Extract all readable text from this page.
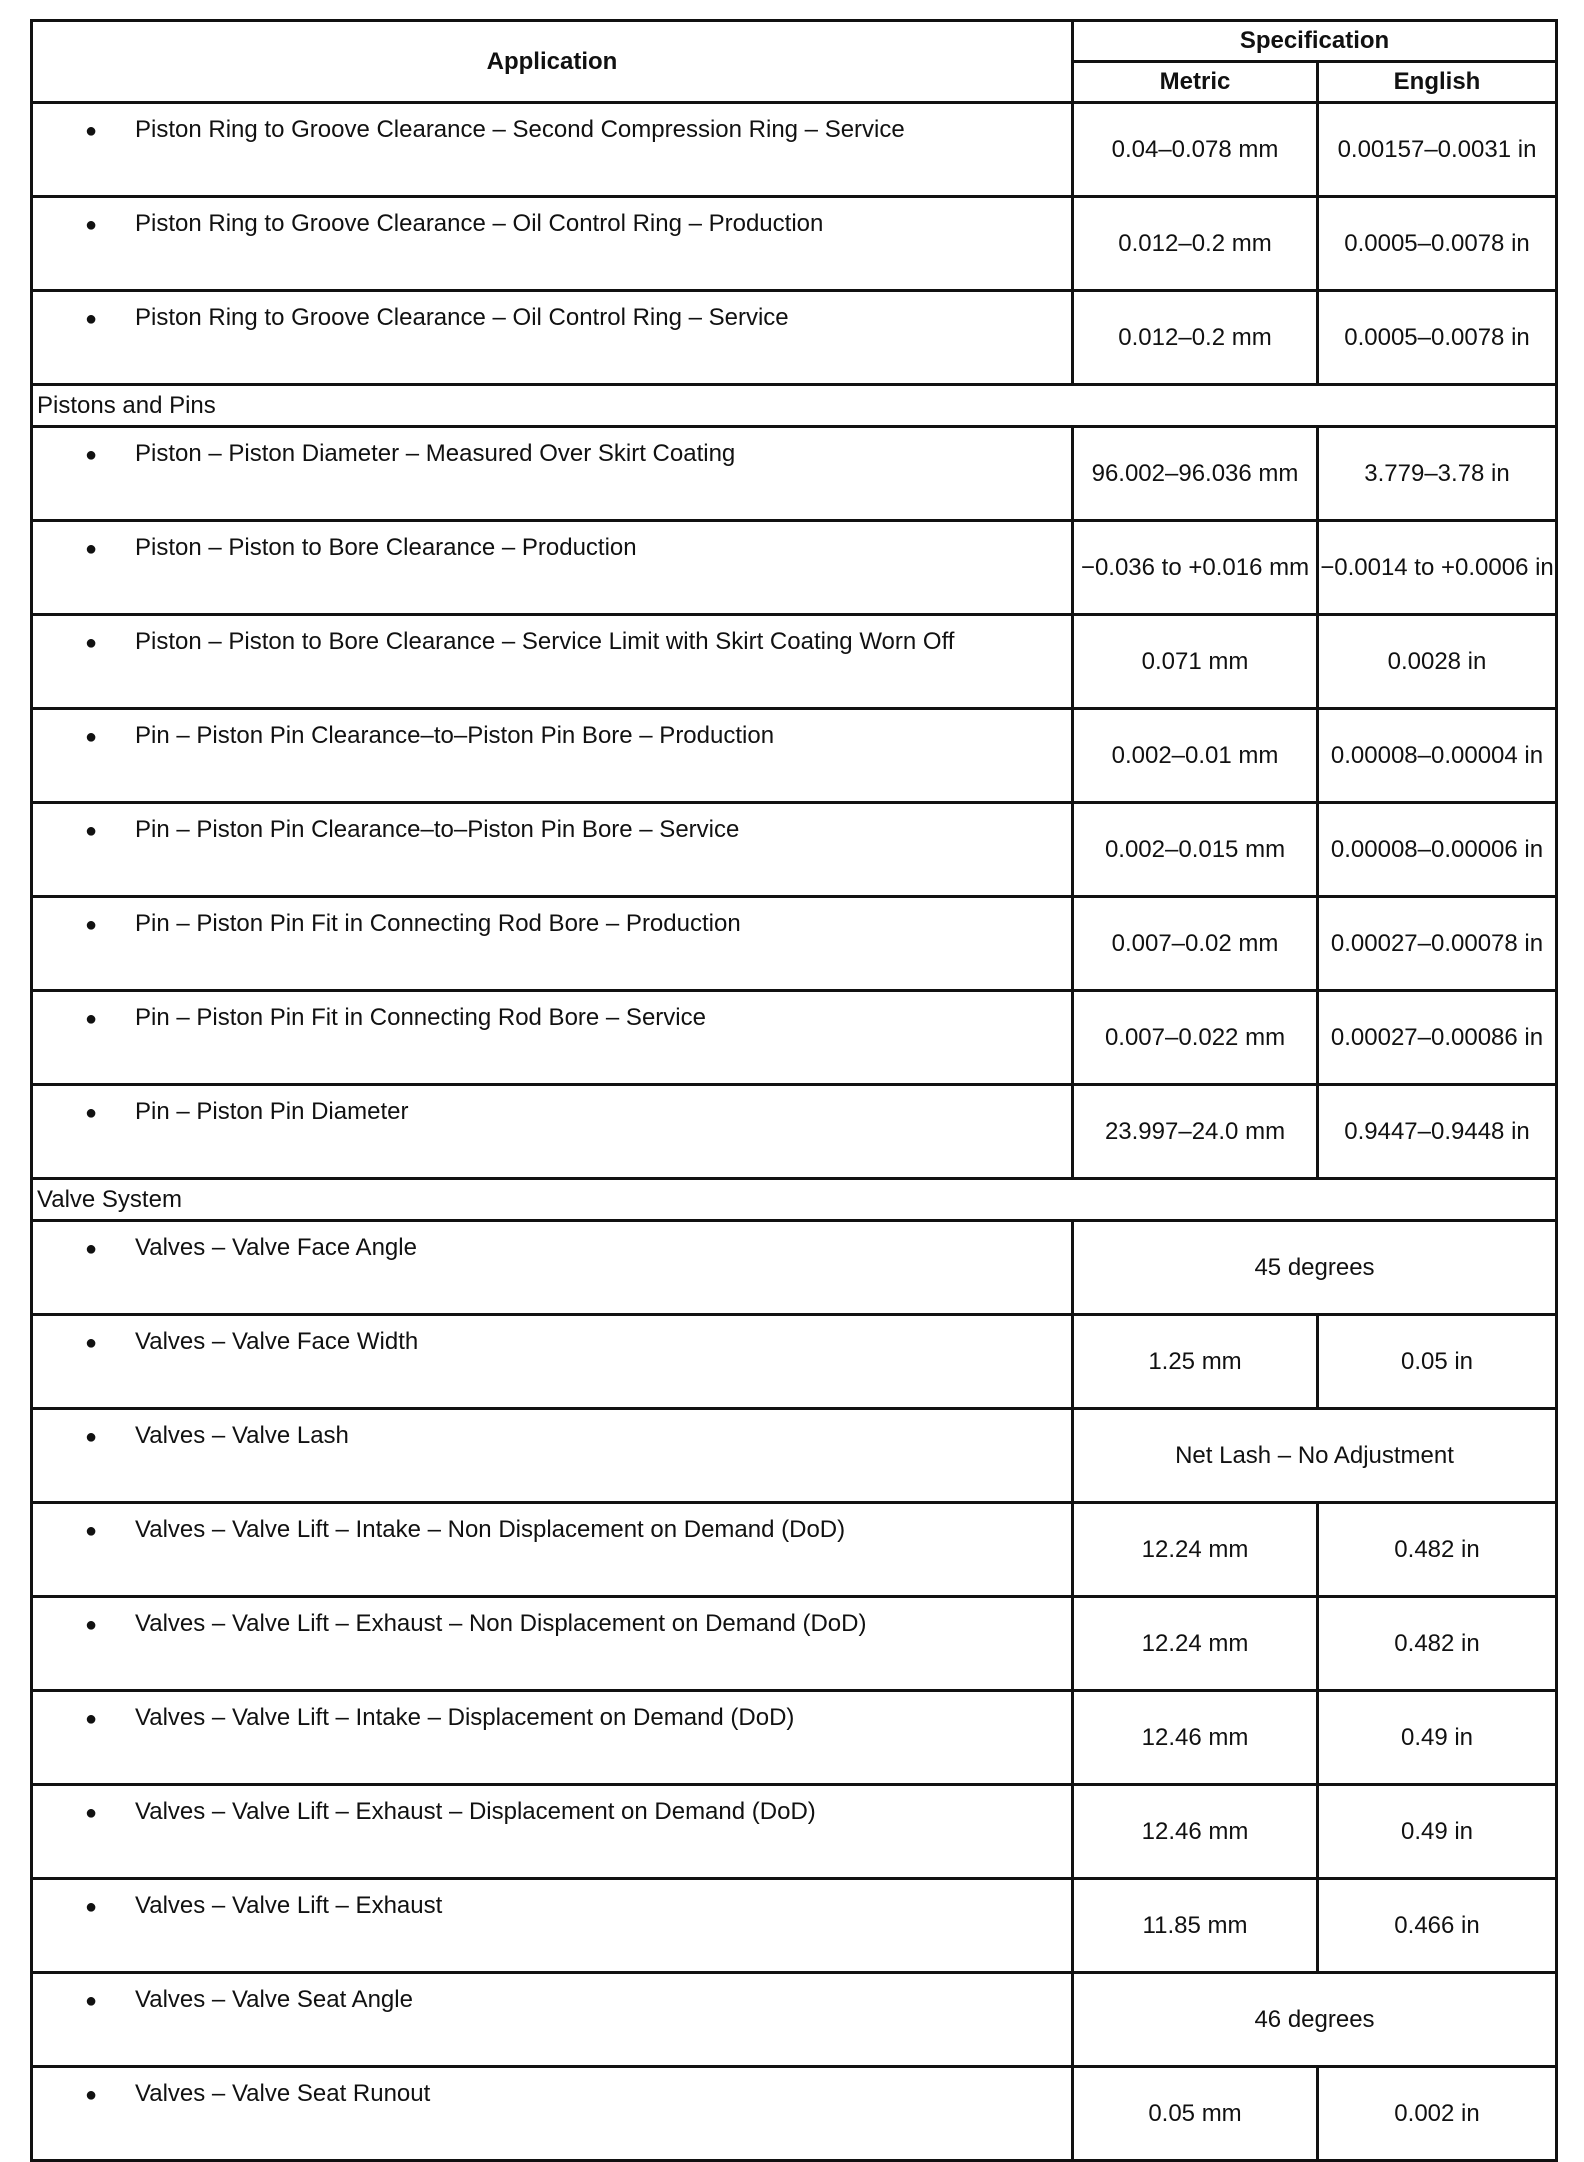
Application	Specification	
	Metric	English
● Piston Ring to Groove Clearance – Second Compression Ring – Service	0.04–0.078 mm	0.00157–0.0031 in
● Piston Ring to Groove Clearance – Oil Control Ring – Production	0.012–0.2 mm	0.0005–0.0078 in
● Piston Ring to Groove Clearance – Oil Control Ring – Service	0.012–0.2 mm	0.0005–0.0078 in
Pistons and Pins		
● Piston – Piston Diameter – Measured Over Skirt Coating	96.002–96.036 mm	3.779–3.78 in
● Piston – Piston to Bore Clearance – Production	−0.036 to +0.016 mm	−0.0014 to +0.0006 in
● Piston – Piston to Bore Clearance – Service Limit with Skirt Coating Worn Off	0.071 mm	0.0028 in
● Pin – Piston Pin Clearance–to–Piston Pin Bore – Production	0.002–0.01 mm	0.00008–0.00004 in
● Pin – Piston Pin Clearance–to–Piston Pin Bore – Service	0.002–0.015 mm	0.00008–0.00006 in
● Pin – Piston Pin Fit in Connecting Rod Bore – Production	0.007–0.02 mm	0.00027–0.00078 in
● Pin – Piston Pin Fit in Connecting Rod Bore – Service	0.007–0.022 mm	0.00027–0.00086 in
● Pin – Piston Pin Diameter	23.997–24.0 mm	0.9447–0.9448 in
Valve System		
● Valves – Valve Face Angle	45 degrees	
● Valves – Valve Face Width	1.25 mm	0.05 in
● Valves – Valve Lash	Net Lash – No Adjustment	
● Valves – Valve Lift – Intake – Non Displacement on Demand (DoD)	12.24 mm	0.482 in
● Valves – Valve Lift – Exhaust – Non Displacement on Demand (DoD)	12.24 mm	0.482 in
● Valves – Valve Lift – Intake – Displacement on Demand (DoD)	12.46 mm	0.49 in
● Valves – Valve Lift – Exhaust – Displacement on Demand (DoD)	12.46 mm	0.49 in
● Valves – Valve Lift – Exhaust	11.85 mm	0.466 in
● Valves – Valve Seat Angle	46 degrees	
● Valves – Valve Seat Runout	0.05 mm	0.002 in
